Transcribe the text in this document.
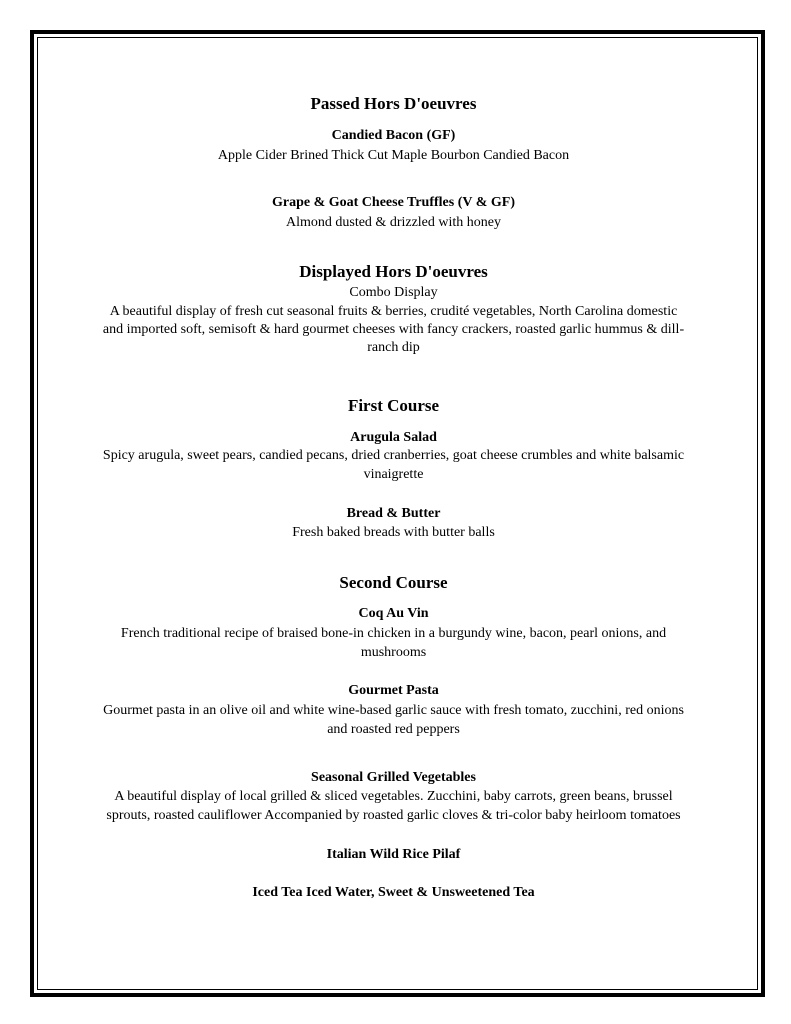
Passed Hors D'oeuvres
Candied Bacon (GF)
Apple Cider Brined Thick Cut Maple Bourbon Candied Bacon
Grape & Goat Cheese Truffles (V & GF)
Almond dusted & drizzled with honey
Displayed Hors D'oeuvres
Combo Display
A beautiful display of fresh cut seasonal fruits & berries, crudité vegetables, North Carolina domestic
and imported soft, semisoft & hard gourmet cheeses with fancy crackers, roasted garlic hummus & dill-
ranch dip
First Course
Arugula Salad
Spicy arugula, sweet pears, candied pecans, dried cranberries, goat cheese crumbles and white balsamic
vinaigrette
Bread & Butter
Fresh baked breads with butter balls
Second Course
Coq Au Vin
French traditional recipe of braised bone-in chicken in a burgundy wine, bacon, pearl onions, and
mushrooms
Gourmet Pasta
Gourmet pasta in an olive oil and white wine-based garlic sauce with fresh tomato, zucchini, red onions
and roasted red peppers
Seasonal Grilled Vegetables
A beautiful display of local grilled & sliced vegetables. Zucchini, baby carrots, green beans, brussel
sprouts, roasted cauliflower Accompanied by roasted garlic cloves & tri-color baby heirloom tomatoes
Italian Wild Rice Pilaf
Iced Tea Iced Water, Sweet & Unsweetened Tea
